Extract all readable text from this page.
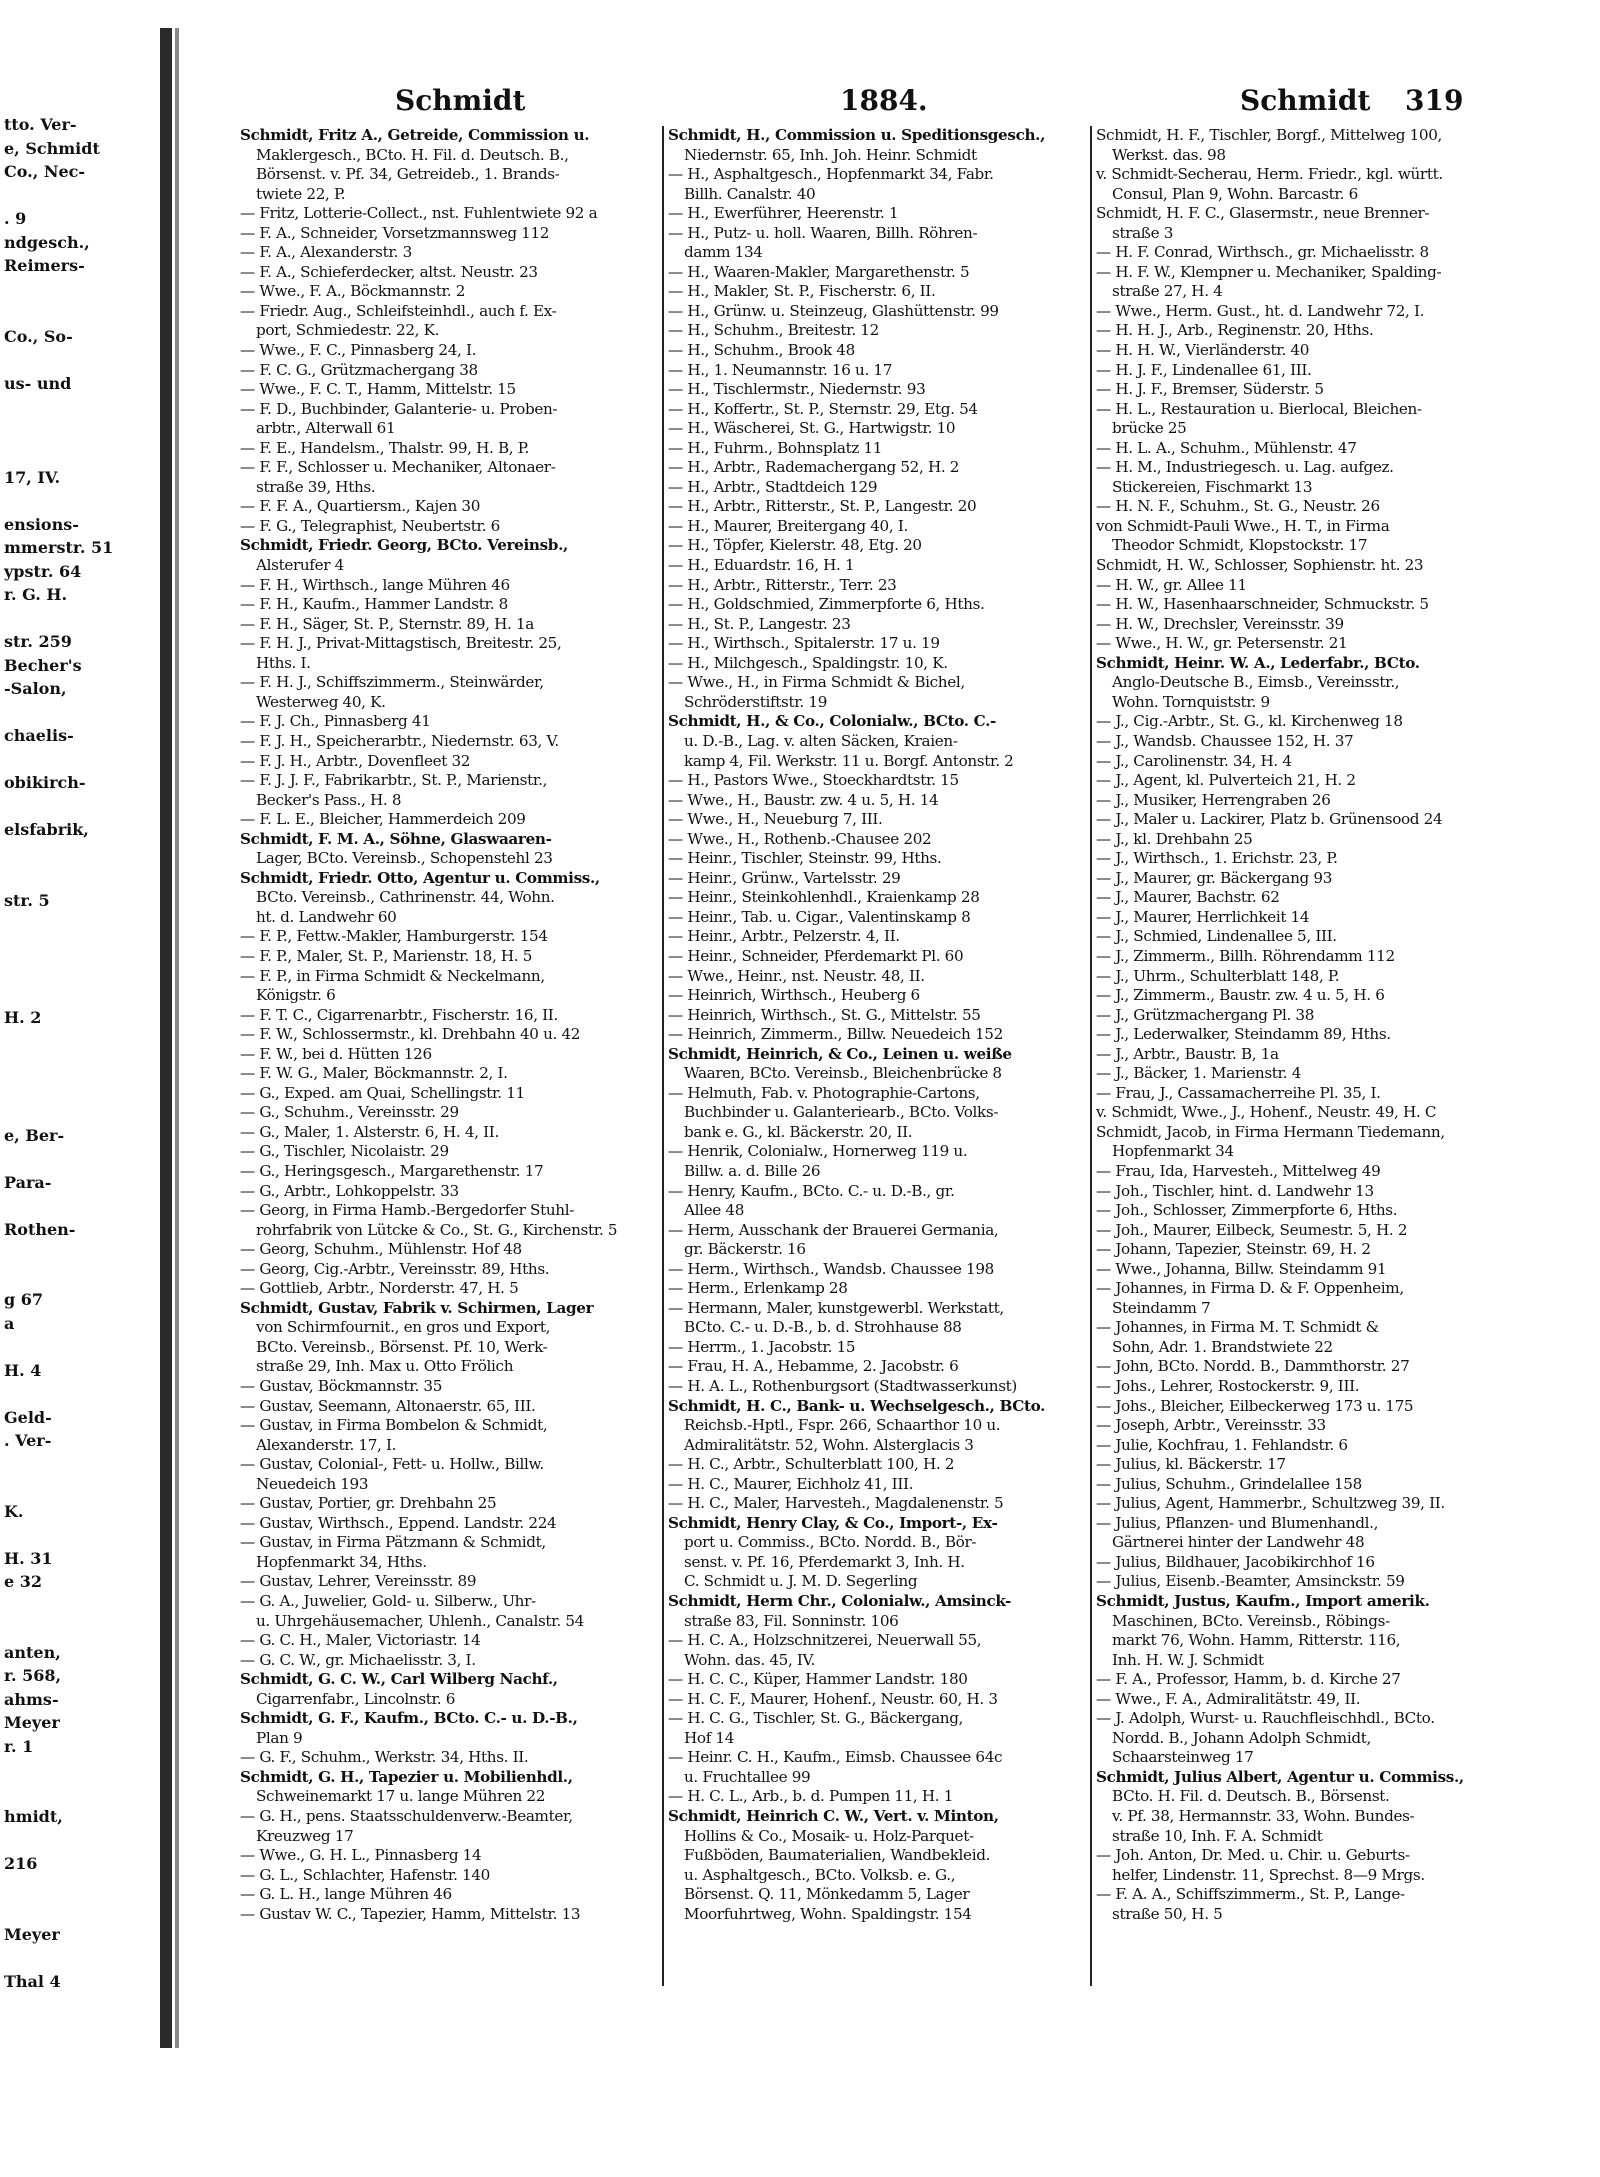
tto. Ver-
e, Schmidt
Co., Nec-
. 9
ndgesch.,
Reimers-
Co., So-
us- und
17, IV.
ensions-
mmerstr. 51
ypstr. 64
r. G. H.
str. 259
Becher's
-Salon,
chaelis-
obikirch-
elsfabrik,
str. 5
H. 2
e, Ber-
Para-
Rothen-
g 67
a
H. 4
Geld-
. Ver-
K.
H. 31
e 32
anten,
r. 568,
ahms-
Meyer
r. 1
hmidt,
216
Meyer
Thal 4
Schmidt	1884.	Schmidt 319
Schmidt, Fritz A., Getreide, Commission u.
Maklergesch., BCto. H. Fil. d. Deutsch. B.,
Börsenst. v. Pf. 34, Getreideb., 1. Brands-
twiete 22, P.
— Fritz, Lotterie-Collect., nst. Fuhlentwiete 92 a
— F. A., Schneider, Vorsetzmannsweg 112
— F. A., Alexanderstr. 3
— F. A., Schieferdecker, altst. Neustr. 23
— Wwe., F. A., Böckmannstr. 2
— Friedr. Aug., Schleifsteinhdl., auch f. Ex-
port, Schmiedestr. 22, K.
— Wwe., F. C., Pinnasberg 24, I.
— F. C. G., Grützmachergang 38
— Wwe., F. C. T., Hamm, Mittelstr. 15
— F. D., Buchbinder, Galanterie- u. Proben-
arbtr., Alterwall 61
— F. E., Handelsm., Thalstr. 99, H. B, P.
— F. F., Schlosser u. Mechaniker, Altonaer-
straße 39, Hths.
— F. F. A., Quartiersm., Kajen 30
— F. G., Telegraphist, Neubertstr. 6
Schmidt, Friedr. Georg, BCto. Vereinsb.,
Alsterufer 4
— F. H., Wirthsch., lange Mühren 46
— F. H., Kaufm., Hammer Landstr. 8
— F. H., Säger, St. P., Sternstr. 89, H. 1a
— F. H. J., Privat-Mittagstisch, Breitestr. 25,
Hths. I.
— F. H. J., Schiffszimmerm., Steinwärder,
Westerweg 40, K.
— F. J. Ch., Pinnasberg 41
— F. J. H., Speicherarbtr., Niedernstr. 63, V.
— F. J. H., Arbtr., Dovenfleet 32
— F. J. J. F., Fabrikarbtr., St. P., Marienstr.,
Becker's Pass., H. 8
— F. L. E., Bleicher, Hammerdeich 209
Schmidt, F. M. A., Söhne, Glaswaaren-
Lager, BCto. Vereinsb., Schopenstehl 23
Schmidt, Friedr. Otto, Agentur u. Commiss.,
BCto. Vereinsb., Cathrinenstr. 44, Wohn.
ht. d. Landwehr 60
— F. P., Fettw.-Makler, Hamburgerstr. 154
— F. P., Maler, St. P., Marienstr. 18, H. 5
— F. P., in Firma Schmidt & Neckelmann,
Königstr. 6
— F. T. C., Cigarrenarbtr., Fischerstr. 16, II.
— F. W., Schlossermstr., kl. Drehbahn 40 u. 42
— F. W., bei d. Hütten 126
— F. W. G., Maler, Böckmannstr. 2, I.
— G., Exped. am Quai, Schellingstr. 11
— G., Schuhm., Vereinsstr. 29
— G., Maler, 1. Alsterstr. 6, H. 4, II.
— G., Tischler, Nicolaistr. 29
— G., Heringsgesch., Margarethenstr. 17
— G., Arbtr., Lohkoppelstr. 33
— Georg, in Firma Hamb.-Bergedorfer Stuhl-
rohrfabrik von Lütcke & Co., St. G., Kirchenstr. 5
— Georg, Schuhm., Mühlenstr. Hof 48
— Georg, Cig.-Arbtr., Vereinsstr. 89, Hths.
— Gottlieb, Arbtr., Norderstr. 47, H. 5
Schmidt, Gustav, Fabrik v. Schirmen, Lager
von Schirmfournit., en gros und Export,
BCto. Vereinsb., Börsenst. Pf. 10, Werk-
straße 29, Inh. Max u. Otto Frölich
— Gustav, Böckmannstr. 35
— Gustav, Seemann, Altonaerstr. 65, III.
— Gustav, in Firma Bombelon & Schmidt,
Alexanderstr. 17, I.
— Gustav, Colonial-, Fett- u. Hollw., Billw.
Neuedeich 193
— Gustav, Portier, gr. Drehbahn 25
— Gustav, Wirthsch., Eppend. Landstr. 224
— Gustav, in Firma Pätzmann & Schmidt,
Hopfenmarkt 34, Hths.
— Gustav, Lehrer, Vereinsstr. 89
— G. A., Juwelier, Gold- u. Silberw., Uhr-
u. Uhrgehäusemacher, Uhlenh., Canalstr. 54
— G. C. H., Maler, Victoriastr. 14
— G. C. W., gr. Michaelisstr. 3, I.
Schmidt, G. C. W., Carl Wilberg Nachf.,
Cigarrenfabr., Lincolnstr. 6
Schmidt, G. F., Kaufm., BCto. C.- u. D.-B.,
Plan 9
— G. F., Schuhm., Werkstr. 34, Hths. II.
Schmidt, G. H., Tapezier u. Mobilienhdl.,
Schweinemarkt 17 u. lange Mühren 22
— G. H., pens. Staatsschuldenverw.-Beamter,
Kreuzweg 17
— Wwe., G. H. L., Pinnasberg 14
— G. L., Schlachter, Hafenstr. 140
— G. L. H., lange Mühren 46
— Gustav W. C., Tapezier, Hamm, Mittelstr. 13
Schmidt, H., Commission u. Speditionsgesch.,
Niedernstr. 65, Inh. Joh. Heinr. Schmidt
— H., Asphaltgesch., Hopfenmarkt 34, Fabr.
Billh. Canalstr. 40
— H., Ewerführer, Heerenstr. 1
— H., Putz- u. holl. Waaren, Billh. Röhren-
damm 134
— H., Waaren-Makler, Margarethenstr. 5
— H., Makler, St. P., Fischerstr. 6, II.
— H., Grünw. u. Steinzeug, Glashüttenstr. 99
— H., Schuhm., Breitestr. 12
— H., Schuhm., Brook 48
— H., 1. Neumannstr. 16 u. 17
— H., Tischlermstr., Niedernstr. 93
— H., Koffertr., St. P., Sternstr. 29, Etg. 54
— H., Wäscherei, St. G., Hartwigstr. 10
— H., Fuhrm., Bohnsplatz 11
— H., Arbtr., Rademachergang 52, H. 2
— H., Arbtr., Stadtdeich 129
— H., Arbtr., Ritterstr., St. P., Langestr. 20
— H., Maurer, Breitergang 40, I.
— H., Töpfer, Kielerstr. 48, Etg. 20
— H., Eduardstr. 16, H. 1
— H., Arbtr., Ritterstr., Terr. 23
— H., Goldschmied, Zimmerpforte 6, Hths.
— H., St. P., Langestr. 23
— H., Wirthsch., Spitalerstr. 17 u. 19
— H., Milchgesch., Spaldingstr. 10, K.
— Wwe., H., in Firma Schmidt & Bichel,
Schröderstiftstr. 19
Schmidt, H., & Co., Colonialw., BCto. C.-
u. D.-B., Lag. v. alten Säcken, Kraien-
kamp 4, Fil. Werkstr. 11 u. Borgf. Antonstr. 2
— H., Pastors Wwe., Stoeckhardtstr. 15
— Wwe., H., Baustr. zw. 4 u. 5, H. 14
— Wwe., H., Neueburg 7, III.
— Wwe., H., Rothenb.-Chausee 202
— Heinr., Tischler, Steinstr. 99, Hths.
— Heinr., Grünw., Vartelsstr. 29
— Heinr., Steinkohlenhdl., Kraienkamp 28
— Heinr., Tab. u. Cigar., Valentinskamp 8
— Heinr., Arbtr., Pelzerstr. 4, II.
— Heinr., Schneider, Pferdemarkt Pl. 60
— Wwe., Heinr., nst. Neustr. 48, II.
— Heinrich, Wirthsch., Heuberg 6
— Heinrich, Wirthsch., St. G., Mittelstr. 55
— Heinrich, Zimmerm., Billw. Neuedeich 152
Schmidt, Heinrich, & Co., Leinen u. weiße
Waaren, BCto. Vereinsb., Bleichenbrücke 8
— Helmuth, Fab. v. Photographie-Cartons,
Buchbinder u. Galanteriearb., BCto. Volks-
bank e. G., kl. Bäckerstr. 20, II.
— Henrik, Colonialw., Hornerweg 119 u.
Billw. a. d. Bille 26
— Henry, Kaufm., BCto. C.- u. D.-B., gr.
Allee 48
— Herm, Ausschank der Brauerei Germania,
gr. Bäckerstr. 16
— Herm., Wirthsch., Wandsb. Chaussee 198
— Herm., Erlenkamp 28
— Hermann, Maler, kunstgewerbl. Werkstatt,
BCto. C.- u. D.-B., b. d. Strohhause 88
— Herrm., 1. Jacobstr. 15
— Frau, H. A., Hebamme, 2. Jacobstr. 6
— H. A. L., Rothenburgsort (Stadtwasserkunst)
Schmidt, H. C., Bank- u. Wechselgesch., BCto.
Reichsb.-Hptl., Fspr. 266, Schaarthor 10 u.
Admiralitätstr. 52, Wohn. Alsterglacis 3
— H. C., Arbtr., Schulterblatt 100, H. 2
— H. C., Maurer, Eichholz 41, III.
— H. C., Maler, Harvesteh., Magdalenenstr. 5
Schmidt, Henry Clay, & Co., Import-, Ex-
port u. Commiss., BCto. Nordd. B., Bör-
senst. v. Pf. 16, Pferdemarkt 3, Inh. H.
C. Schmidt u. J. M. D. Segerling
Schmidt, Herm Chr., Colonialw., Amsinck-
straße 83, Fil. Sonninstr. 106
— H. C. A., Holzschnitzerei, Neuerwall 55,
Wohn. das. 45, IV.
— H. C. C., Küper, Hammer Landstr. 180
— H. C. F., Maurer, Hohenf., Neustr. 60, H. 3
— H. C. G., Tischler, St. G., Bäckergang,
Hof 14
— Heinr. C. H., Kaufm., Eimsb. Chaussee 64c
u. Fruchtallee 99
— H. C. L., Arb., b. d. Pumpen 11, H. 1
Schmidt, Heinrich C. W., Vert. v. Minton,
Hollins & Co., Mosaik- u. Holz-Parquet-
Fußböden, Baumaterialien, Wandbekleid.
u. Asphaltgesch., BCto. Volksb. e. G.,
Börsenst. Q. 11, Mönkedamm 5, Lager
Moorfuhrtweg, Wohn. Spaldingstr. 154
Schmidt, H. F., Tischler, Borgf., Mittelweg 100,
Werkst. das. 98
v. Schmidt-Secherau, Herm. Friedr., kgl. württ.
Consul, Plan 9, Wohn. Barcastr. 6
Schmidt, H. F. C., Glasermstr., neue Brenner-
straße 3
— H. F. Conrad, Wirthsch., gr. Michaelisstr. 8
— H. F. W., Klempner u. Mechaniker, Spalding-
straße 27, H. 4
— Wwe., Herm. Gust., ht. d. Landwehr 72, I.
— H. H. J., Arb., Reginenstr. 20, Hths.
— H. H. W., Vierländerstr. 40
— H. J. F., Lindenallee 61, III.
— H. J. F., Bremser, Süderstr. 5
— H. L., Restauration u. Bierlocal, Bleichen-
brücke 25
— H. L. A., Schuhm., Mühlenstr. 47
— H. M., Industriegesch. u. Lag. aufgez.
Stickereien, Fischmarkt 13
— H. N. F., Schuhm., St. G., Neustr. 26
von Schmidt-Pauli Wwe., H. T., in Firma
Theodor Schmidt, Klopstockstr. 17
Schmidt, H. W., Schlosser, Sophienstr. ht. 23
— H. W., gr. Allee 11
— H. W., Hasenhaarschneider, Schmuckstr. 5
— H. W., Drechsler, Vereinsstr. 39
— Wwe., H. W., gr. Petersenstr. 21
Schmidt, Heinr. W. A., Lederfabr., BCto.
Anglo-Deutsche B., Eimsb., Vereinsstr.,
Wohn. Tornquiststr. 9
— J., Cig.-Arbtr., St. G., kl. Kirchenweg 18
— J., Wandsb. Chaussee 152, H. 37
— J., Carolinenstr. 34, H. 4
— J., Agent, kl. Pulverteich 21, H. 2
— J., Musiker, Herrengraben 26
— J., Maler u. Lackirer, Platz b. Grünensood 24
— J., kl. Drehbahn 25
— J., Wirthsch., 1. Erichstr. 23, P.
— J., Maurer, gr. Bäckergang 93
— J., Maurer, Bachstr. 62
— J., Maurer, Herrlichkeit 14
— J., Schmied, Lindenallee 5, III.
— J., Zimmerm., Billh. Röhrendamm 112
— J., Uhrm., Schulterblatt 148, P.
— J., Zimmerm., Baustr. zw. 4 u. 5, H. 6
— J., Grützmachergang Pl. 38
— J., Lederwalker, Steindamm 89, Hths.
— J., Arbtr., Baustr. B, 1a
— J., Bäcker, 1. Marienstr. 4
— Frau, J., Cassamacherreihe Pl. 35, I.
v. Schmidt, Wwe., J., Hohenf., Neustr. 49, H. C
Schmidt, Jacob, in Firma Hermann Tiedemann,
Hopfenmarkt 34
— Frau, Ida, Harvesteh., Mittelweg 49
— Joh., Tischler, hint. d. Landwehr 13
— Joh., Schlosser, Zimmerpforte 6, Hths.
— Joh., Maurer, Eilbeck, Seumestr. 5, H. 2
— Johann, Tapezier, Steinstr. 69, H. 2
— Wwe., Johanna, Billw. Steindamm 91
— Johannes, in Firma D. & F. Oppenheim,
Steindamm 7
— Johannes, in Firma M. T. Schmidt &
Sohn, Adr. 1. Brandstwiete 22
— John, BCto. Nordd. B., Dammthorstr. 27
— Johs., Lehrer, Rostockerstr. 9, III.
— Johs., Bleicher, Eilbeckerweg 173 u. 175
— Joseph, Arbtr., Vereinsstr. 33
— Julie, Kochfrau, 1. Fehlandstr. 6
— Julius, kl. Bäckerstr. 17
— Julius, Schuhm., Grindelallee 158
— Julius, Agent, Hammerbr., Schultzweg 39, II.
— Julius, Pflanzen- und Blumenhandl.,
Gärtnerei hinter der Landwehr 48
— Julius, Bildhauer, Jacobikirchhof 16
— Julius, Eisenb.-Beamter, Amsinckstr. 59
Schmidt, Justus, Kaufm., Import amerik.
Maschinen, BCto. Vereinsb., Röbings-
markt 76, Wohn. Hamm, Ritterstr. 116,
Inh. H. W. J. Schmidt
— F. A., Professor, Hamm, b. d. Kirche 27
— Wwe., F. A., Admiralitätstr. 49, II.
— J. Adolph, Wurst- u. Rauchfleischhdl., BCto.
Nordd. B., Johann Adolph Schmidt,
Schaarsteinweg 17
Schmidt, Julius Albert, Agentur u. Commiss.,
BCto. H. Fil. d. Deutsch. B., Börsenst.
v. Pf. 38, Hermannstr. 33, Wohn. Bundes-
straße 10, Inh. F. A. Schmidt
— Joh. Anton, Dr. Med. u. Chir. u. Geburts-
helfer, Lindenstr. 11, Sprechst. 8—9 Mrgs.
— F. A. A., Schiffszimmerm., St. P., Lange-
straße 50, H. 5
